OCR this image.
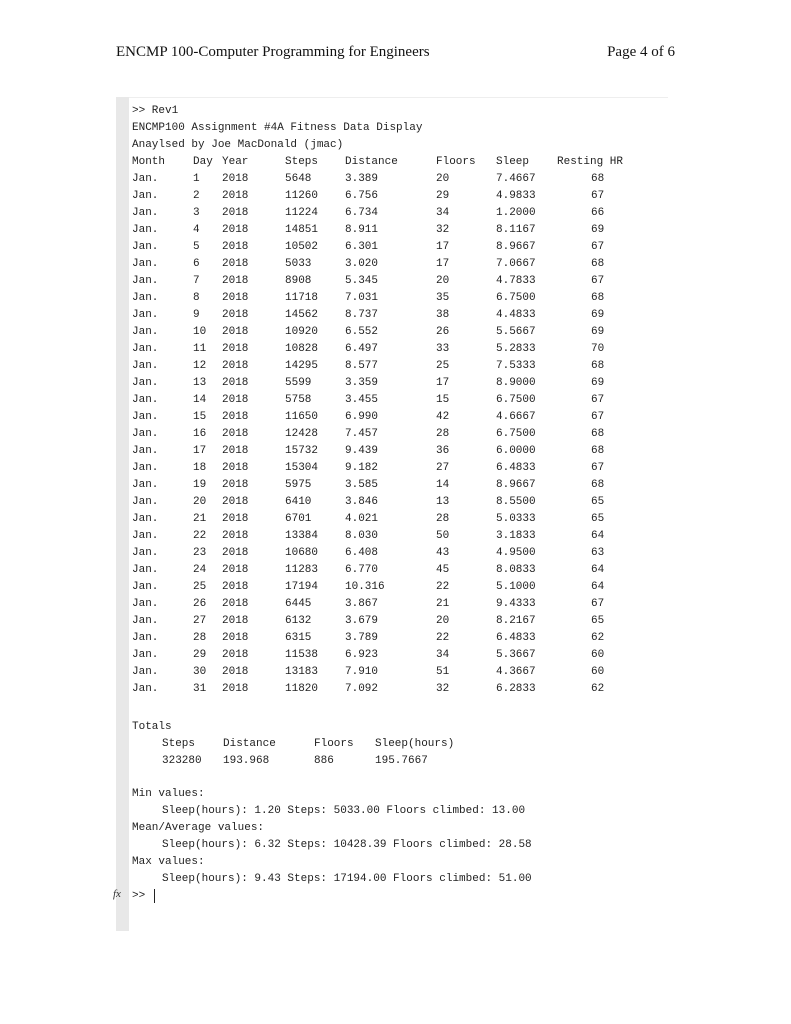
ENCMP 100-Computer Programming for Engineers	Page 4 of 6
>> Rev1
ENCMP100 Assignment #4A Fitness Data Display
Anaylsed by Joe MacDonald (jmac)
Month	Day Year	Steps Distance	Floors Sleep	Resting HR
Jan.	1 2018	5648	3.389	20	7.4667	68
Jan.	2 2018	11260 6.756	29	4.9833	67
Jan.	3 2018	11224 6.734	34	1.2000	66
Jan.	4 2018	14851 8.911	32	8.1167	69
Jan.	5 2018	10502 6.301	17	8.9667	67
Jan.	6 2018	5033	3.020	17	7.0667	68
Jan.	7 2018	8908	5.345	20	4.7833	67
Jan.	8 2018	11718 7.031	35	6.7500	68
Jan.	9 2018	14562 8.737	38	4.4833	69
Jan.	10 2018	10920 6.552	26	5.5667	69
Jan.	11 2018	10828 6.497	33	5.2833	70
Jan.	12 2018	14295 8.577	25	7.5333	68
Jan.	13 2018	5599	3.359	17	8.9000	69
Jan.	14 2018	5758	3.455	15	6.7500	67
Jan.	15 2018	11650 6.990	42	4.6667	67
Jan.	16 2018	12428 7.457	28	6.7500	68
Jan.	17 2018	15732 9.439	36	6.0000	68
Jan.	18 2018	15304 9.182	27	6.4833	67
Jan.	19 2018	5975	3.585	14	8.9667	68
Jan.	20 2018	6410	3.846	13	8.5500	65
Jan.	21 2018	6701	4.021	28	5.0333	65
Jan.	22 2018	13384 8.030	50	3.1833	64
Jan.	23 2018	10680 6.408	43	4.9500	63
Jan.	24 2018	11283 6.770	45	8.0833	64
Jan.	25 2018	17194 10.316	22	5.1000	64
Jan.	26 2018	6445	3.867	21	9.4333	67
Jan.	27 2018	6132	3.679	20	8.2167	65
Jan.	28 2018	6315	3.789	22	6.4833	62
Jan.	29 2018	11538 6.923	34	5.3667	60
Jan.	30 2018	13183 7.910	51	4.3667	60
Jan.	31 2018	11820 7.092	32	6.2833	62
Totals
Steps	Distance	Floors Sleep(hours)
323280 193.968	886	195.7667
Min values:
Sleep(hours): 1.20 Steps: 5033.00 Floors climbed: 13.00
Mean/Average values:
Sleep(hours): 6.32 Steps: 10428.39 Floors climbed: 28.58
Max values:
Sleep(hours): 9.43 Steps: 17194.00 Floors climbed: 51.00
>>
fx
